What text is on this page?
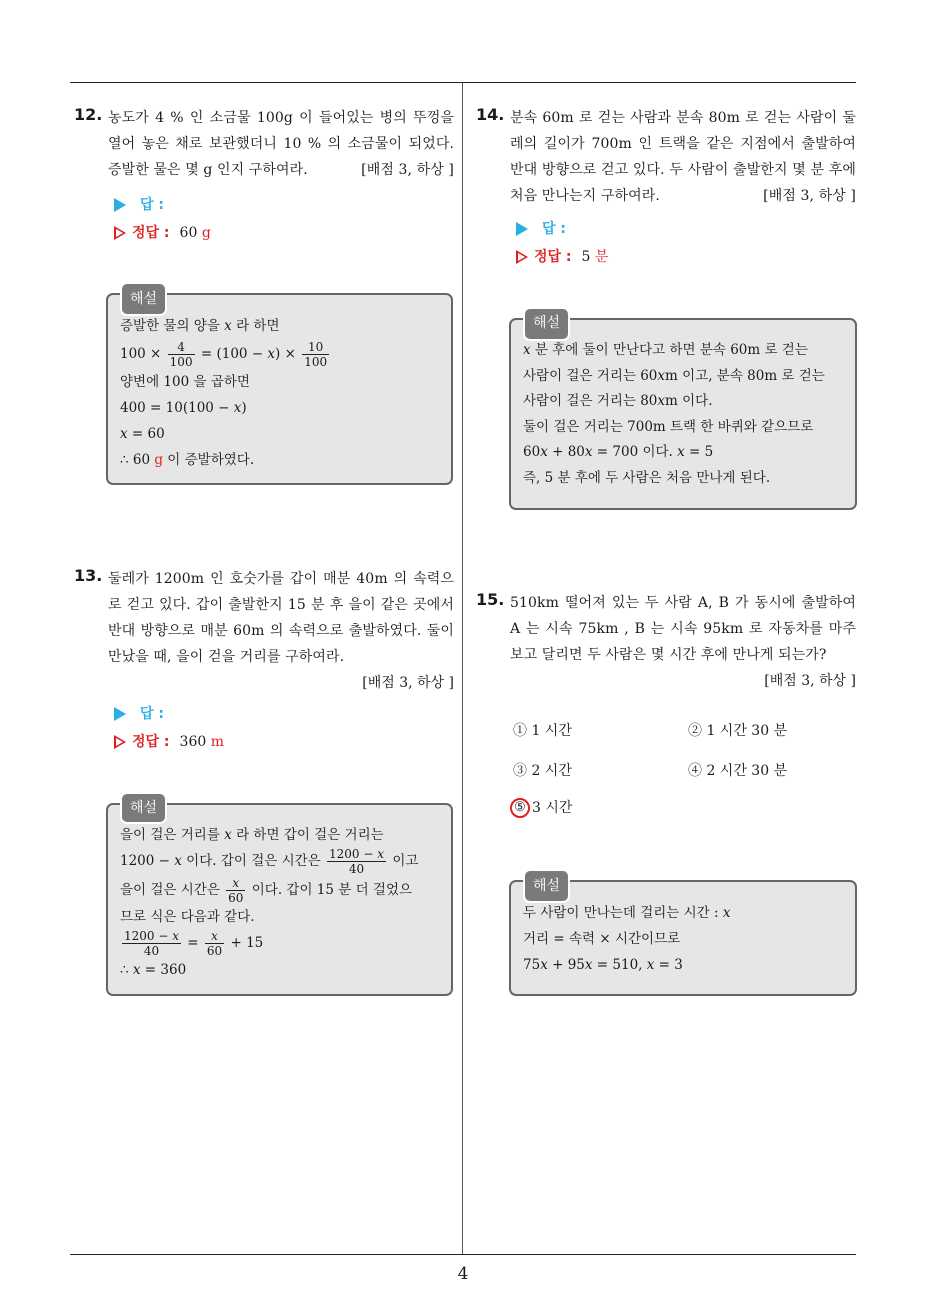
12. 농도가 4 % 인 소금물 100g 이 들어있는 병의 뚜껑을 열어 놓은 채로 보관했더니 10 % 의 소금물이 되었다. 증발한 물은 몇 g 인지 구하여라.	[배점 3, 하상 ]
답 :
정답 : 60
g
해설
증발한 물의 양을 x 라 하면
$100 \times \frac{4}{100} = (100 - x) \times \frac{10}{100}$
양변에 100 을 곱하면
400 = 10(100 − x)
x = 60
∴ 60 g 이 증발하였다.
13. 둘레가 1200m 인 호숫가를 갑이 매분 40m 의 속력으로 걷고 있다. 갑이 출발한지 15 분 후 을이 같은 곳에서 반대 방향으로 매분 60m 의 속력으로 출발하였다. 둘이 만났을 때, 을이 걷을 거리를 구하여라.
[배점 3, 하상 ]
답 :
정답 : 360
m
해설
을이 걸은 거리를 x 라 하면 갑이 걸은 거리는
1200 − x 이다. 갑이 걸은 시간은 $\frac{1200 - x}{40}$ 이고
을이 걸은 시간은 $\frac{x}{60}$ 이다. 갑이 15 분 더 걸었으
므로 식은 다음과 같다.
$\frac{1200 - x}{40} = \frac{x}{60} + 15$
∴ x = 360
14. 분속 60m 로 걷는 사람과 분속 80m 로 걷는 사람이 둘레의 길이가 700m 인 트랙을 같은 지점에서 출발하여 반대 방향으로 걷고 있다. 두 사람이 출발한지 몇 분 후에 처음 만나는지 구하여라.	[배점 3, 하상 ]
답 :
정답 : 5
분
해설
x 분 후에 둘이 만난다고 하면 분속 60m 로 걷는
사람이 걸은 거리는 60xm 이고, 분속 80m 로 걷는
사람이 걸은 거리는 80xm 이다.
둘이 걸은 거리는 700m 트랙 한 바퀴와 같으므로
60x + 80x = 700 이다. x = 5
즉, 5 분 후에 두 사람은 처음 만나게 된다.
15. 510km 떨어져 있는 두 사람 A, B 가 동시에 출발하여 A 는 시속 75km , B 는 시속 95km 로 자동차를 마주 보고 달리면 두 사람은 몇 시간 후에 만나게 되는가?
[배점 3, 하상 ]
① 1 시간	② 1 시간 30 분
③ 2 시간	④ 2 시간 30 분
⑤ 3 시간
해설
두 사람이 만나는데 걸리는 시간 : x
거리 = 속력 × 시간이므로
75x + 95x = 510, x = 3
4
